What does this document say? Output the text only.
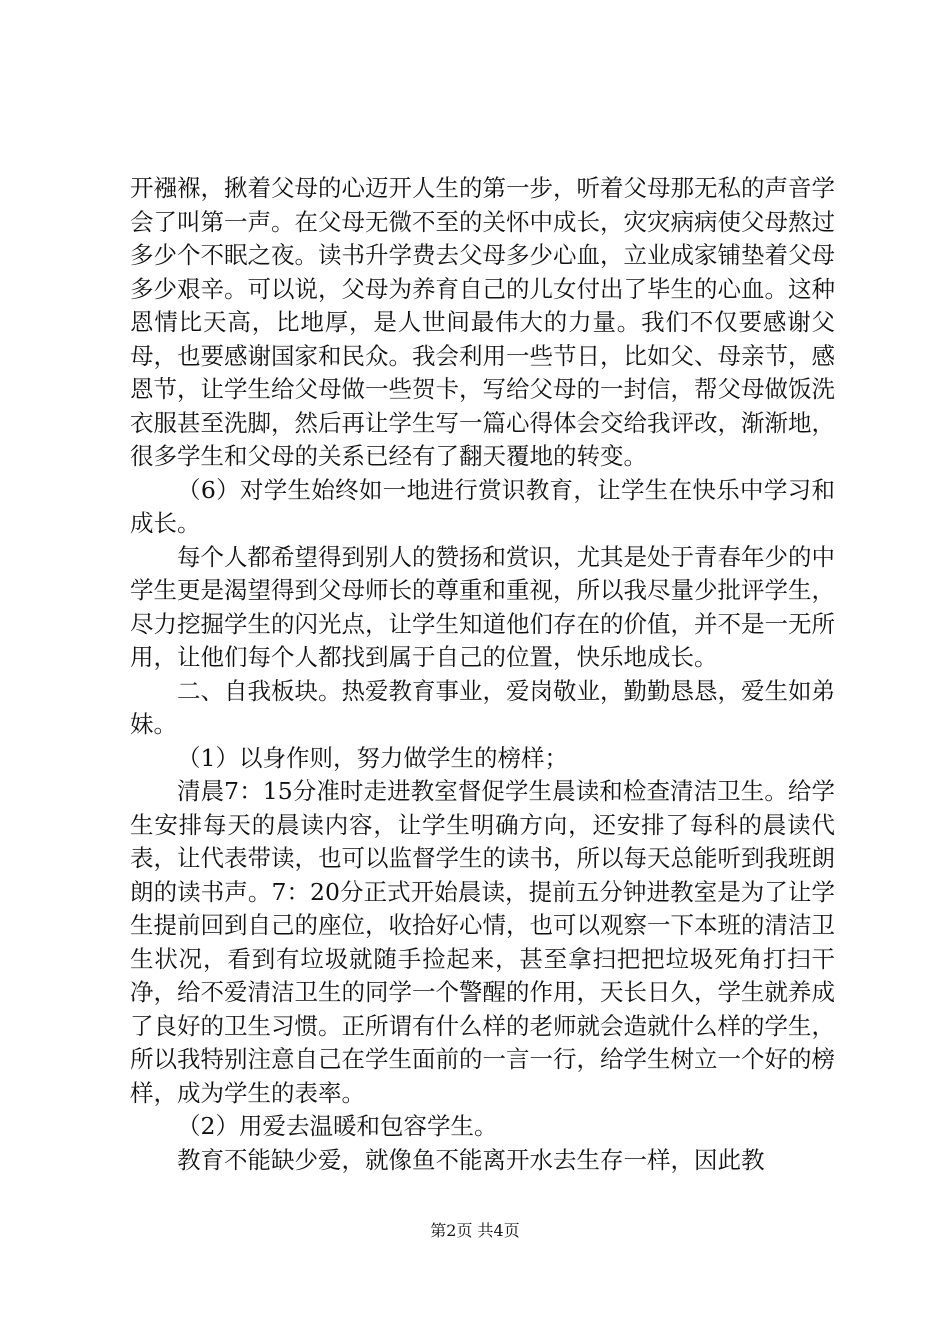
开襁褓，揪着父母的心迈开人生的第一步，听着父母那无私的声音学会了叫第一声。在父母无微不至的关怀中成长，灾灾病病使父母熬过多少个不眠之夜。读书升学费去父母多少心血，立业成家铺垫着父母多少艰辛。可以说，父母为养育自己的儿女付出了毕生的心血。这种恩情比天高，比地厚，是人世间最伟大的力量。我们不仅要感谢父母，也要感谢国家和民众。我会利用一些节日，比如父、母亲节，感恩节，让学生给父母做一些贺卡，写给父母的一封信，帮父母做饭洗衣服甚至洗脚，然后再让学生写一篇心得体会交给我评改，渐渐地，很多学生和父母的关系已经有了翻天覆地的转变。

（6）对学生始终如一地进行赏识教育，让学生在快乐中学习和成长。

每个人都希望得到别人的赞扬和赏识，尤其是处于青春年少的中学生更是渴望得到父母师长的尊重和重视，所以我尽量少批评学生，尽力挖掘学生的闪光点，让学生知道他们存在的价值，并不是一无所用，让他们每个人都找到属于自己的位置，快乐地成长。

二、自我板块。热爱教育事业，爱岗敬业，勤勤恳恳，爱生如弟妹。

（1）以身作则，努力做学生的榜样；

清晨7：15分准时走进教室督促学生晨读和检查清洁卫生。给学生安排每天的晨读内容，让学生明确方向，还安排了每科的晨读代表，让代表带读，也可以监督学生的读书，所以每天总能听到我班朗朗的读书声。7：20分正式开始晨读，提前五分钟进教室是为了让学生提前回到自己的座位，收拾好心情，也可以观察一下本班的清洁卫生状况，看到有垃圾就随手捡起来，甚至拿扫把把垃圾死角打扫干净，给不爱清洁卫生的同学一个警醒的作用，天长日久，学生就养成了良好的卫生习惯。正所谓有什么样的老师就会造就什么样的学生，所以我特别注意自己在学生面前的一言一行，给学生树立一个好的榜样，成为学生的表率。

（2）用爱去温暖和包容学生。

教育不能缺少爱，就像鱼不能离开水去生存一样，因此教

第2页 共4页
